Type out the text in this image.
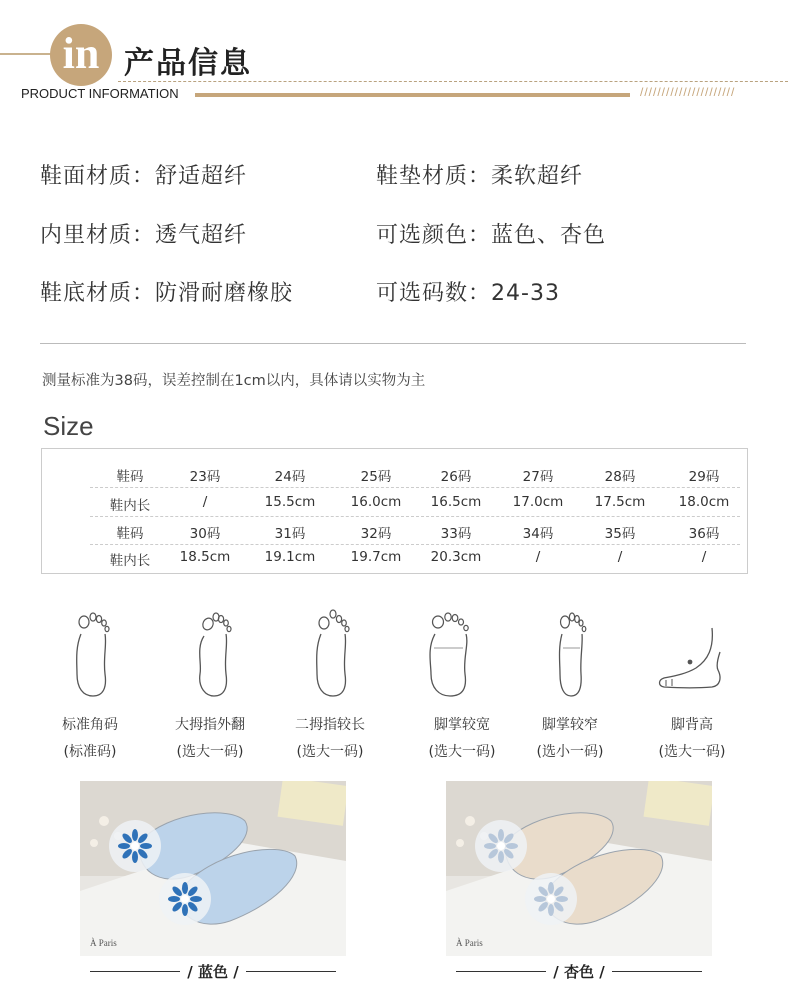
in 产品信息
PRODUCT INFORMATION	//////////////////////
鞋面材质：舒适超纤	鞋垫材质：柔软超纤
内里材质：透气超纤	可选颜色：蓝色、杏色
鞋底材质：防滑耐磨橡胶	可选码数：24-33
测量标准为38码，误差控制在1cm以内，具体请以实物为主
Size
鞋码	23码	24码	25码	26码	27码	28码	29码
鞋内长	/	15.5cm	16.0cm	16.5cm	17.0cm	17.5cm	18.0cm
鞋码	30码	31码	32码	33码	34码	35码	36码
鞋内长	18.5cm	19.1cm	19.7cm	20.3cm	/	/	/
标准角码	大拇指外翻	二拇指较长	脚掌较宽	脚掌较窄	脚背高
(标准码)	(选大一码)	(选大一码)	(选大一码)	(选小一码)	(选大一码)
À Paris	À Paris
/ 蓝色 /	/ 杏色 /
